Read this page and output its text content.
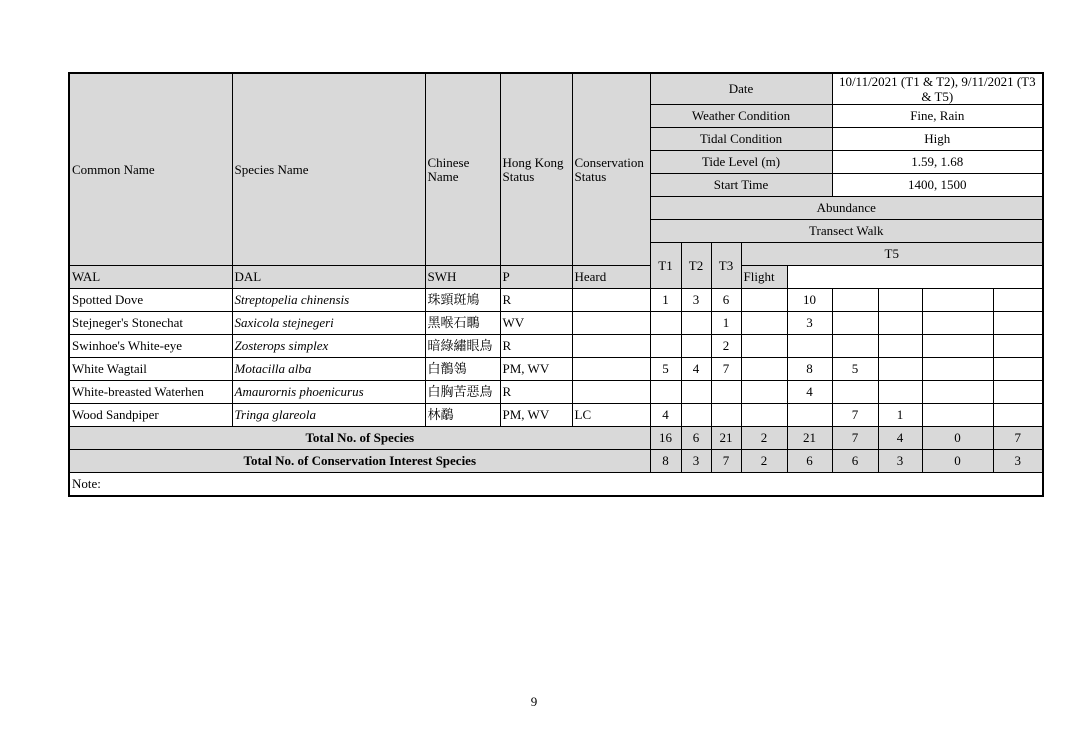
Common Name	Species Name	Chinese Name	Hong Kong Status	Conservation Status	Date					10/11/2021 (T1 & T2), 9/11/2021 (T3 & T5)			

					Weather Condition					Fine, Rain			
					Tidal Condition					High			
					Tide Level (m)					1.59, 1.68			
					Start Time					1400, 1500			
					Abundance								
					Transect Walk								
					T1	T2	T3	T5					
WAL	DAL	SWH	P	Heard				Flight					
Spotted Dove	Streptopelia chinensis	珠頸斑鳩	R		1	3	6		10				
Stejneger's Stonechat	Saxicola stejnegeri	黑喉石䳭	WV				1		3				
Swinhoe's White-eye	Zosterops simplex	暗綠繡眼鳥	R				2						
White Wagtail	Motacilla alba	白鶺鴒	PM, WV		5	4	7		8	5			
White-breasted Waterhen	Amaurornis phoenicurus	白胸苦惡鳥	R						4				
Wood Sandpiper	Tringa glareola	林鷸	PM, WV	LC	4					7	1		
Total No. of Species					16	6	21	2	21	7	4	0	7
Total No. of Conservation Interest Species					8	3	7	2	6	6	3	0	3
Note:													
9
